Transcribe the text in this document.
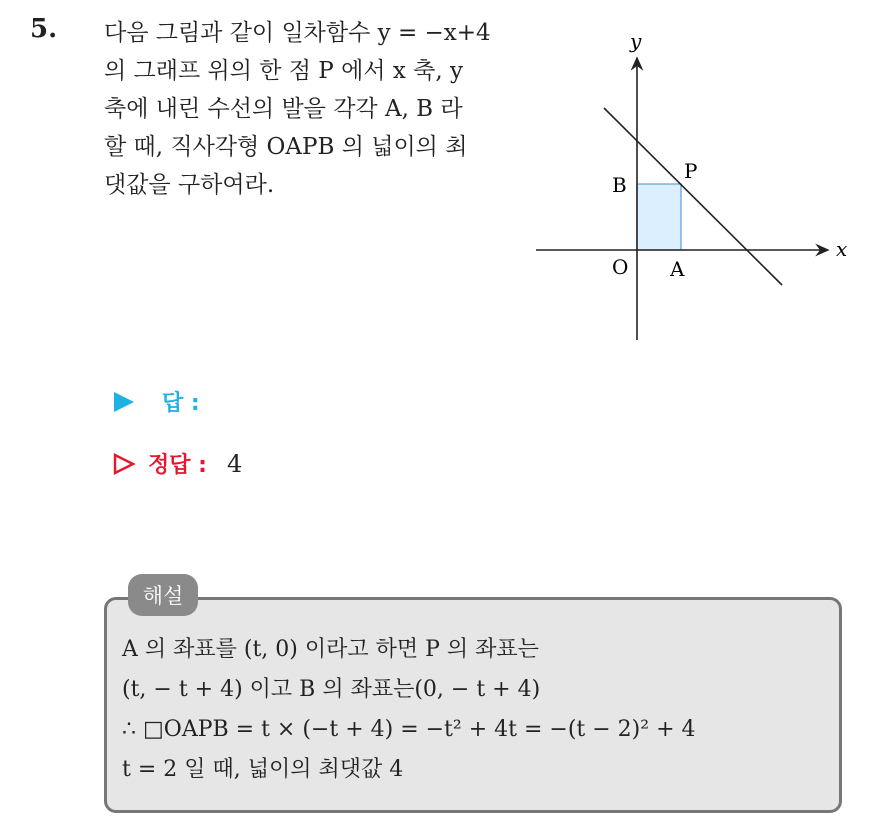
5. 다음 그림과 같이 일차함수 y = −x+4

의 그래프 위의 한 점 P 에서 x 축, y

축에 내린 수선의 발을 각각 A, B 라

할 때, 직사각형 OAPB 의 넓이의 최

댓값을 구하여라.

y
x
O A
B
P
답 :
정답 : 4
해설

A 의 좌표를 (t, 0) 이라고 하면 P 의 좌표는

(t, − t + 4) 이고 B 의 좌표는(0, − t + 4)

∴ □OAPB = t × (−t + 4) = −t² + 4t = −(t − 2)² + 4

t = 2 일 때, 넓이의 최댓값 4
